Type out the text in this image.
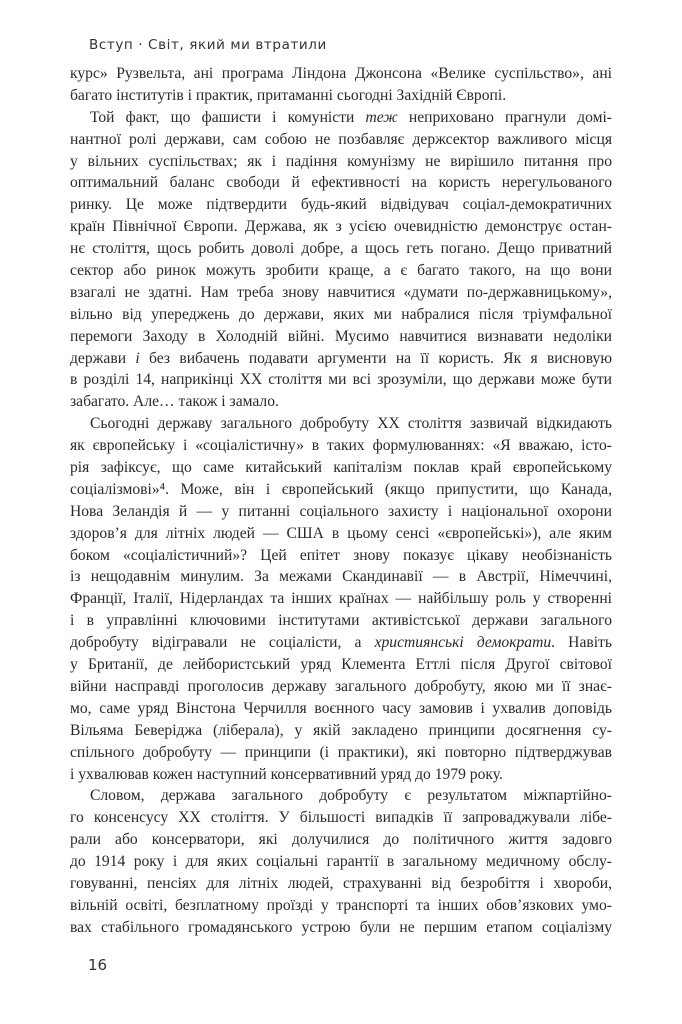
Вступ · Світ, який ми втратили
курс» Рузвельта, ані програма Ліндона Джонсона «Велике суспільство», ані
багато інститутів і практик, притаманні сьогодні Західній Європі.
Той факт, що фашисти і комуністи теж неприховано прагнули домі-
нантної ролі держави, сам собою не позбавляє держсектор важливого місця
у вільних суспільствах; як і падіння комунізму не вирішило питання про
оптимальний баланс свободи й ефективності на користь нерегульованого
ринку. Це може підтвердити будь-який відвідувач соціал-демократичних
країн Північної Європи. Держава, як з усією очевидністю демонструє остан-
нє століття, щось робить доволі добре, а щось геть погано. Дещо приватний
сектор або ринок можуть зробити краще, а є багато такого, на що вони
взагалі не здатні. Нам треба знову навчитися «думати по-державницькому»,
вільно від упереджень до держави, яких ми набралися після тріумфальної
перемоги Заходу в Холодній війні. Мусимо навчитися визнавати недоліки
держави і без вибачень подавати аргументи на її користь. Як я висновую
в розділі 14, наприкінці XX століття ми всі зрозуміли, що держави може бути
забагато. Але… також і замало.
Сьогодні державу загального добробуту XX століття зазвичай відкидають
як європейську і «соціалістичну» в таких формулюваннях: «Я вважаю, істо-
рія зафіксує, що саме китайський капіталізм поклав край європейському
соціалізмові»⁴. Може, він і європейський (якщо припустити, що Канада,
Нова Зеландія й — у питанні соціального захисту і національної охорони
здоров’я для літніх людей — США в цьому сенсі «європейські»), але яким
боком «соціалістичний»? Цей епітет знову показує цікаву необізнаність
із нещодавнім минулим. За межами Скандинавії — в Австрії, Німеччині,
Франції, Італії, Нідерландах та інших країнах — найбільшу роль у створенні
і в управлінні ключовими інститутами активістської держави загального
добробуту відігравали не соціалісти, а християнські демократи. Навіть
у Британії, де лейбористський уряд Клемента Еттлі після Другої світової
війни насправді проголосив державу загального добробуту, якою ми її знає-
мо, саме уряд Вінстона Черчилля воєнного часу замовив і ухвалив доповідь
Вільяма Беверіджа (ліберала), у якій закладено принципи досягнення су-
спільного добробуту — принципи (і практики), які повторно підтверджував
і ухвалював кожен наступний консервативний уряд до 1979 року.
Словом, держава загального добробуту є результатом міжпартійно-
го консенсусу XX століття. У більшості випадків її запроваджували лібе-
рали або консерватори, які долучилися до політичного життя задовго
до 1914 року і для яких соціальні гарантії в загальному медичному обслу-
говуванні, пенсіях для літніх людей, страхуванні від безробіття і хвороби,
вільній освіті, безплатному проїзді у транспорті та інших обов’язкових умо-
вах стабільного громадянського устрою були не першим етапом соціалізму
16
